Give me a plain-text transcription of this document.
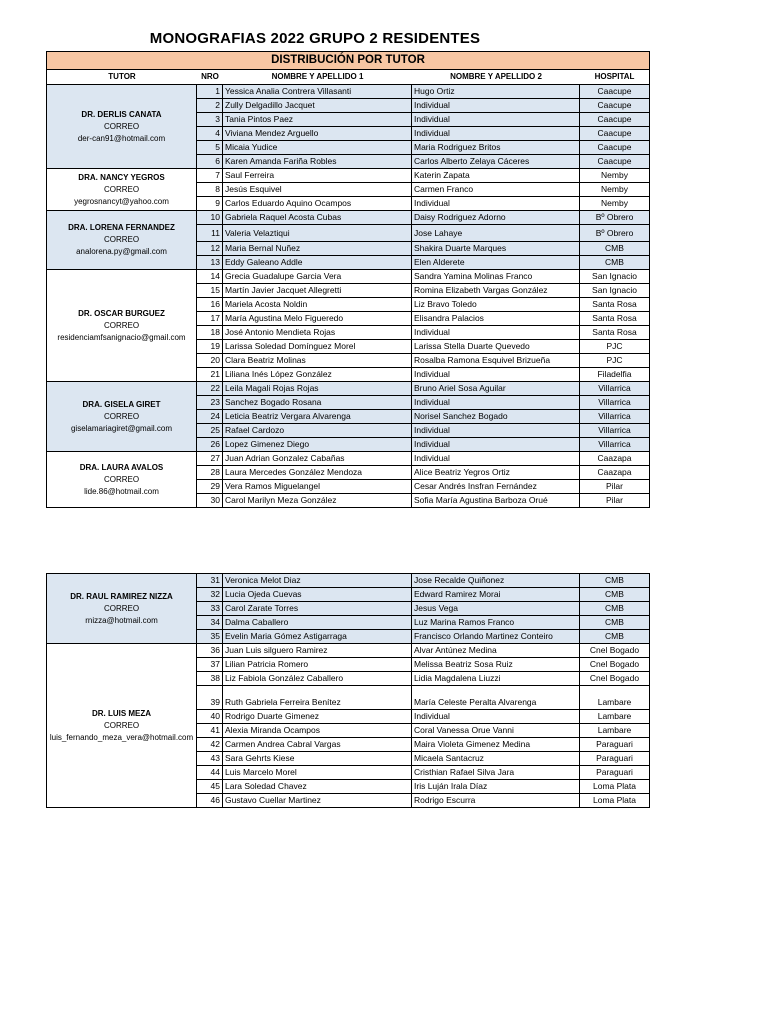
MONOGRAFIAS 2022 GRUPO 2 RESIDENTES
DISTRIBUCIÓN POR TUTOR
TUTOR	NRO	NOMBRE Y APELLIDO 1	NOMBRE Y APELLIDO 2	HOSPITAL
DR. DERLIS CANATA
CORREO
der-can91@hotmail.com
1 Yessica Analia Contrera Villasanti	Hugo Ortiz	Caacupe
2 Zully Delgadillo Jacquet	Individual	Caacupe
3 Tania Pintos Paez	Individual	Caacupe
4 Viviana Mendez Arguello	Individual	Caacupe
5 Micaia Yudice	Maria Rodriguez Britos	Caacupe
6 Karen Amanda Fariña Robles	Carlos Alberto Zelaya Cáceres	Caacupe
DRA. NANCY YEGROS
CORREO
yegrosnancyt@yahoo.com
7 Saul Ferreira	Katerin Zapata	Nemby
8 Jesús Esquivel	Carmen Franco	Nemby
9 Carlos Eduardo Aquino Ocampos	Individual	Nemby
DRA. LORENA FERNANDEZ
CORREO
analorena.py@gmail.com
10 Gabriela Raquel Acosta Cubas	Daisy Rodriguez Adorno	Bº Obrero
11 Valeria Velaztiqui	Jose Lahaye	Bº Obrero
12 Maria Bernal Nuñez	Shakira Duarte Marques	CMB
13 Eddy Galeano Addle	Elen Alderete	CMB
DR. OSCAR BURGUEZ
CORREO
residenciamfsanignacio@gmail.com
14 Grecia Guadalupe Garcia Vera	Sandra Yamina Molinas Franco	San Ignacio
15 Martín Javier Jacquet Allegretti	Romina Elizabeth Vargas González	San Ignacio
16 Mariela Acosta Noldin	Liz Bravo Toledo	Santa Rosa
17 María Agustina Melo Figueredo	Elisandra Palacios	Santa Rosa
18 José Antonio Mendieta Rojas	Individual	Santa Rosa
19 Larissa Soledad Domínguez Morel	Larissa Stella Duarte Quevedo	PJC
20 Clara Beatriz Molinas	Rosalba Ramona Esquivel Brizueña	PJC
21 Liliana Inés López González	Individual	Filadelfia
DRA. GISELA GIRET
CORREO
giselamariagiret@gmail.com
22 Leila Magali Rojas Rojas	Bruno Ariel Sosa Aguilar	Villarrica
23 Sanchez Bogado Rosana	Individual	Villarrica
24 Leticia Beatriz Vergara Alvarenga	Norisel Sanchez Bogado	Villarrica
25 Rafael Cardozo	Individual	Villarrica
26 Lopez Gimenez Diego	Individual	Villarrica
DRA. LAURA AVALOS
CORREO
lide.86@hotmail.com
27 Juan Adrian Gonzalez Cabañas	Individual	Caazapa
28 Laura Mercedes González Mendoza	Alice Beatriz Yegros Ortiz	Caazapa
29 Vera Ramos Miguelangel	Cesar Andrés Insfran Fernández	Pilar
30 Carol Marilyn Meza González	Sofia María Agustina Barboza Orué	Pilar
DR. RAUL RAMIREZ NIZZA
CORREO
rnizza@hotmail.com
31 Veronica Melot Diaz	Jose Recalde Quiñonez	CMB
32 Lucia Ojeda Cuevas	Edward Ramirez Morai	CMB
33 Carol Zarate Torres	Jesus Vega	CMB
34 Dalma Caballero	Luz Marina Ramos Franco	CMB
35 Evelin Maria Gómez Astigarraga	Francisco Orlando Martinez Conteiro	CMB
DR. LUIS MEZA
CORREO
luis_fernando_meza_vera@hotmail.com
36 Juan Luis silguero Ramirez	Alvar Antúnez Medina	Cnel Bogado
37 Lilian Patricia Romero	Melissa Beatriz Sosa Ruiz	Cnel Bogado
38 Liz Fabiola González Caballero	Lidia Magdalena Liuzzi	Cnel Bogado
39 Ruth Gabriela Ferreira Benítez	María Celeste Peralta Alvarenga	Lambare
40 Rodrigo Duarte Gimenez	Individual	Lambare
41 Alexia Miranda Ocampos	Coral Vanessa Orue Vanni	Lambare
42 Carmen Andrea Cabral Vargas	Maira Violeta Gimenez Medina	Paraguari
43 Sara Gehrts Kiese	Micaela Santacruz	Paraguari
44 Luis Marcelo Morel	Cristhian Rafael Silva Jara	Paraguari
45 Lara Soledad Chavez	Iris Luján Irala Díaz	Loma Plata
46 Gustavo Cuellar Martinez	Rodrigo Escurra	Loma Plata
